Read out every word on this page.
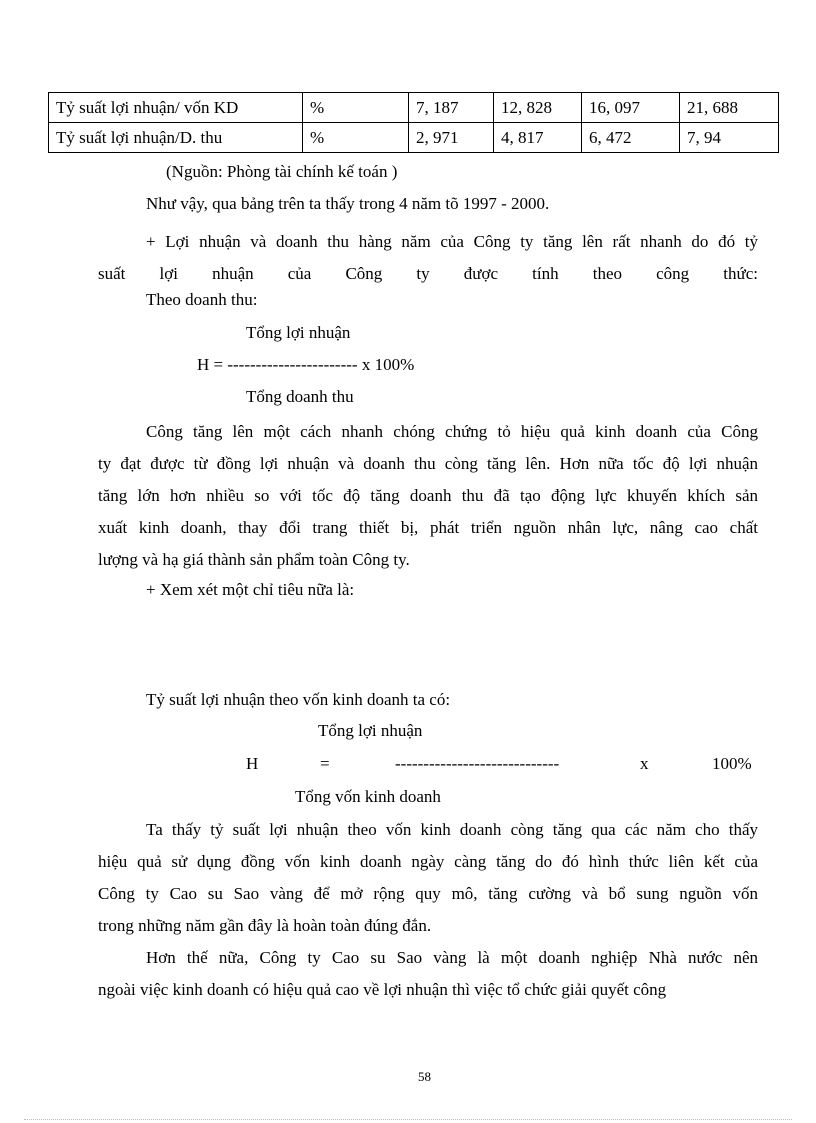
Tỷ suất lợi nhuận/ vốn KD	%	7, 187	12, 828	16, 097	21, 688
Tỷ suất lợi nhuận/D. thu	%	2, 971	4, 817	6, 472	7, 94
(Nguồn: Phòng tài chính kế toán )
Như vậy, qua bảng trên ta thấy trong 4 năm tõ 1997 - 2000.
+ Lợi nhuận và doanh thu hàng năm của Công ty tăng lên rất nhanh do đó tỷ
suất lợi nhuận của Công ty được tính theo công thức:
Theo doanh thu:
Tổng lợi nhuận
H = ----------------------- x 100%
Tổng doanh thu
Công tăng lên một cách nhanh chóng chứng tỏ hiệu quả kinh doanh của Công
ty đạt được từ đồng lợi nhuận và doanh thu còng tăng lên. Hơn nữa tốc độ lợi nhuận
tăng lớn hơn nhiều so với tốc độ tăng doanh thu đã tạo động lực khuyến khích sản
xuất kinh doanh, thay đổi trang thiết bị, phát triển nguồn nhân lực, nâng cao chất
lượng và hạ giá thành sản phẩm toàn Công ty.
+ Xem xét một chỉ tiêu nữa là:
Tỷ suất lợi nhuận theo vốn kinh doanh ta có:
Tổng lợi nhuận
H	=	-----------------------------	x	100%
Tổng vốn kinh doanh
Ta thấy tỷ suất lợi nhuận theo vốn kinh doanh còng tăng qua các năm cho thấy
hiệu quả sử dụng đồng vốn kinh doanh ngày càng tăng do đó hình thức liên kết của
Công ty Cao su Sao vàng để mở rộng quy mô, tăng cường và bổ sung nguồn vốn
trong những năm gần đây là hoàn toàn đúng đắn.
Hơn thế nữa, Công ty Cao su Sao vàng là một doanh nghiệp Nhà nước nên
ngoài việc kinh doanh có hiệu quả cao về lợi nhuận thì việc tổ chức giải quyết công
58
